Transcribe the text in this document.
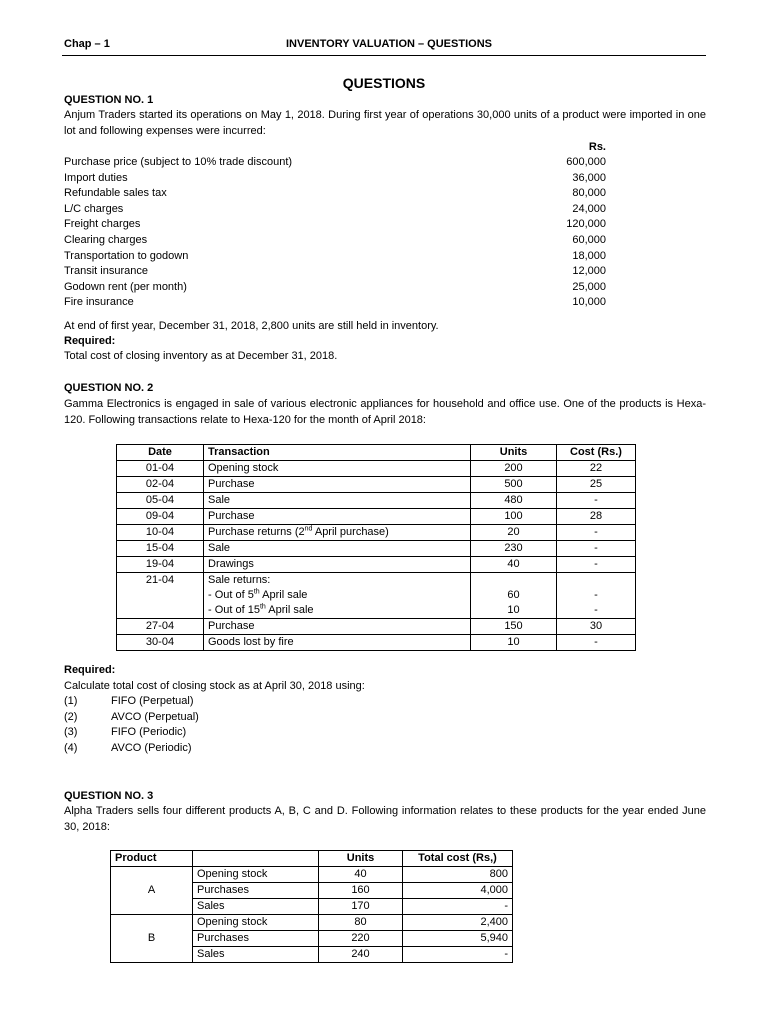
Chap – 1	INVENTORY VALUATION – QUESTIONS
QUESTIONS
QUESTION NO. 1
Anjum Traders started its operations on May 1, 2018. During first year of operations 30,000 units of a product were imported in one lot and following expenses were incurred:
Rs.
Purchase price (subject to 10% trade discount)	600,000
Import duties	36,000
Refundable sales tax	80,000
L/C charges	24,000
Freight charges	120,000
Clearing charges	60,000
Transportation to godown	18,000
Transit insurance	12,000
Godown rent (per month)	25,000
Fire insurance	10,000
At end of first year, December 31, 2018, 2,800 units are still held in inventory.
Required:
Total cost of closing inventory as at December 31, 2018.
QUESTION NO. 2
Gamma Electronics is engaged in sale of various electronic appliances for household and office use. One of the products is Hexa-120. Following transactions relate to Hexa-120 for the month of April 2018:
Date	Transaction	Units	Cost (Rs.)
01-04	Opening stock	200	22
02-04	Purchase	500	25
05-04	Sale	480	-
09-04	Purchase	100	28
10-04	Purchase returns (2nd April purchase)	20	-
15-04	Sale	230	-
19-04	Drawings	40	-
21-04	Sale returns:		
	- Out of 5th April sale	60	-
	- Out of 15th April sale	10	-
27-04	Purchase	150	30
30-04	Goods lost by fire	10	-
Required:
Calculate total cost of closing stock as at April 30, 2018 using:
(1)	FIFO (Perpetual)
(2)	AVCO (Perpetual)
(3)	FIFO (Periodic)
(4)	AVCO (Periodic)
QUESTION NO. 3
Alpha Traders sells four different products A, B, C and D. Following information relates to these products for the year ended June 30, 2018:
Product		Units	Total cost (Rs,)
A	Opening stock	40	800
	Purchases	160	4,000
	Sales	170	-
B	Opening stock	80	2,400
	Purchases	220	5,940
	Sales	240	-
